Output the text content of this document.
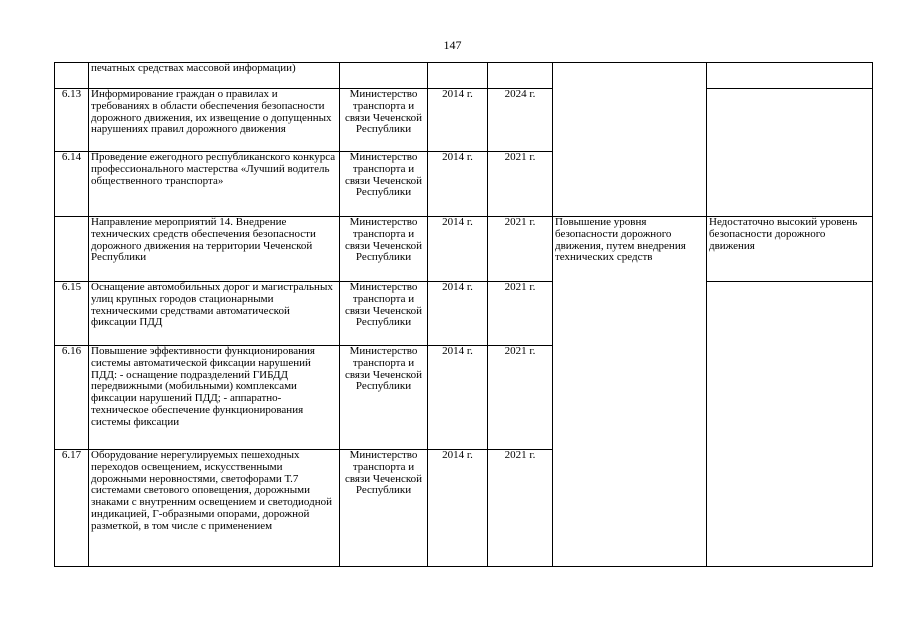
147
	печатных средствах массовой информации)					
6.13	Информирование граждан о правилах и требованиях в области обеспечения безопасности дорожного движения, их извещение о допущенных нарушениях правил дорожного движения	Министерство транспорта и связи Чеченской Республики	2014 г.	2024 г.		
6.14	Проведение ежегодного республиканского конкурса профессионального мастерства «Лучший водитель общественного транспорта»	Министерство транспорта и связи Чеченской Республики	2014 г.	2021 г.		
	Направление мероприятий 14. Внедрение технических средств обеспечения безопасности дорожного движения на территории Чеченской Республики	Министерство транспорта и связи Чеченской Республики	2014 г.	2021 г.	Повышение уровня безопасности дорожного движения, путем внедрения технических средств	Недостаточно высокий уровень безопасности дорожного движения
6.15	Оснащение автомобильных дорог и магистральных улиц крупных городов стационарными техническими средствами автоматической фиксации ПДД	Министерство транспорта и связи Чеченской Республики	2014 г.	2021 г.		
6.16	Повышение эффективности функционирования системы автоматической фиксации нарушений ПДД: - оснащение подразделений ГИБДД передвижными (мобильными) комплексами фиксации нарушений ПДД; - аппаратно-техническое обеспечение функционирования системы фиксации	Министерство транспорта и связи Чеченской Республики	2014 г.	2021 г.		
6.17	Оборудование нерегулируемых пешеходных переходов освещением, искусственными дорожными неровностями, светофорами Т.7 системами светового оповещения, дорожными знаками с внутренним освещением и светодиодной индикацией, Г-образными опорами, дорожной разметкой, в том числе с применением	Министерство транспорта и связи Чеченской Республики	2014 г.	2021 г.		
